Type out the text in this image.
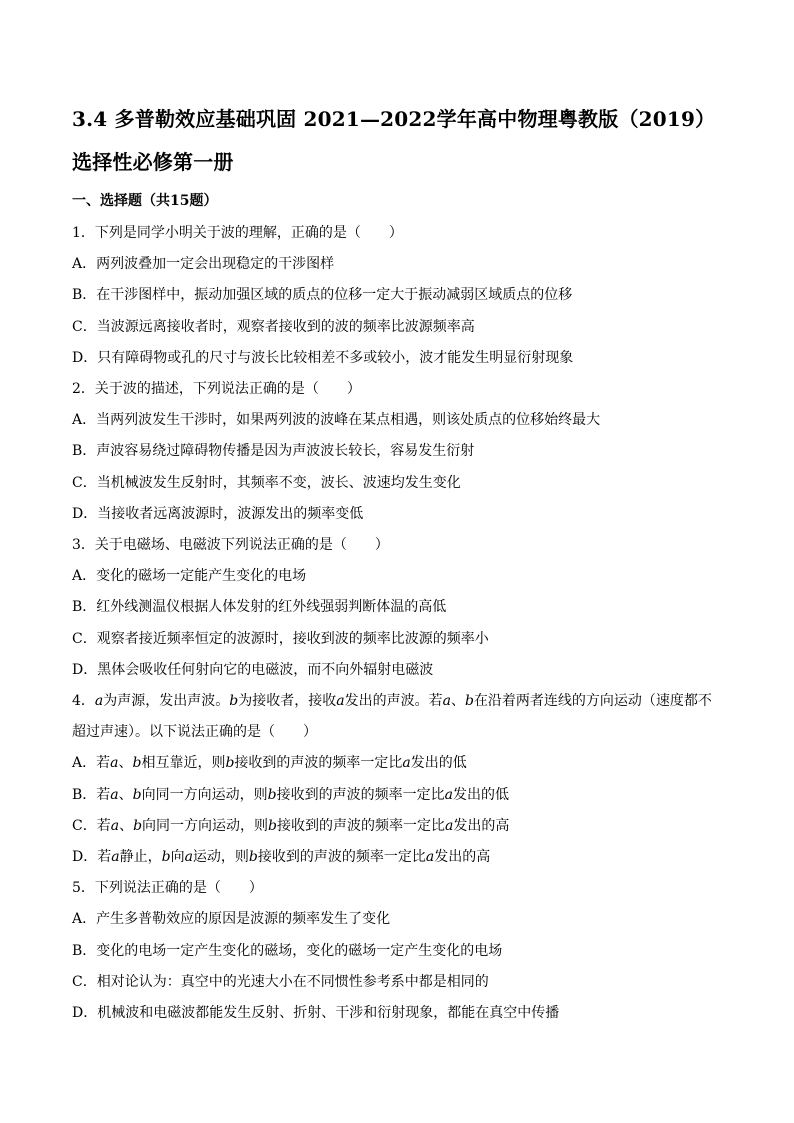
3.4 多普勒效应基础巩固 2021—2022学年高中物理粤教版（2019）选择性必修第一册
一、选择题（共15题）
1．下列是同学小明关于波的理解，正确的是（　　）
A．两列波叠加一定会出现稳定的干涉图样
B．在干涉图样中，振动加强区域的质点的位移一定大于振动减弱区域质点的位移
C．当波源远离接收者时，观察者接收到的波的频率比波源频率高
D．只有障碍物或孔的尺寸与波长比较相差不多或较小，波才能发生明显衍射现象
2．关于波的描述，下列说法正确的是（　　）
A．当两列波发生干涉时，如果两列波的波峰在某点相遇，则该处质点的位移始终最大
B．声波容易绕过障碍物传播是因为声波波长较长，容易发生衍射
C．当机械波发生反射时，其频率不变，波长、波速均发生变化
D．当接收者远离波源时，波源发出的频率变低
3．关于电磁场、电磁波下列说法正确的是（　　）
A．变化的磁场一定能产生变化的电场
B．红外线测温仪根据人体发射的红外线强弱判断体温的高低
C．观察者接近频率恒定的波源时，接收到波的频率比波源的频率小
D．黑体会吸收任何射向它的电磁波，而不向外辐射电磁波
4．a为声源，发出声波。b为接收者，接收a发出的声波。若a、b在沿着两者连线的方向运动（速度都不超过声速）。以下说法正确的是（　　）
A．若a、b相互靠近，则b接收到的声波的频率一定比a发出的低
B．若a、b向同一方向运动，则b接收到的声波的频率一定比a发出的低
C．若a、b向同一方向运动，则b接收到的声波的频率一定比a发出的高
D．若a静止，b向a运动，则b接收到的声波的频率一定比a发出的高
5．下列说法正确的是（　　）
A．产生多普勒效应的原因是波源的频率发生了变化
B．变化的电场一定产生变化的磁场，变化的磁场一定产生变化的电场
C．相对论认为：真空中的光速大小在不同惯性参考系中都是相同的
D．机械波和电磁波都能发生反射、折射、干涉和衍射现象，都能在真空中传播
